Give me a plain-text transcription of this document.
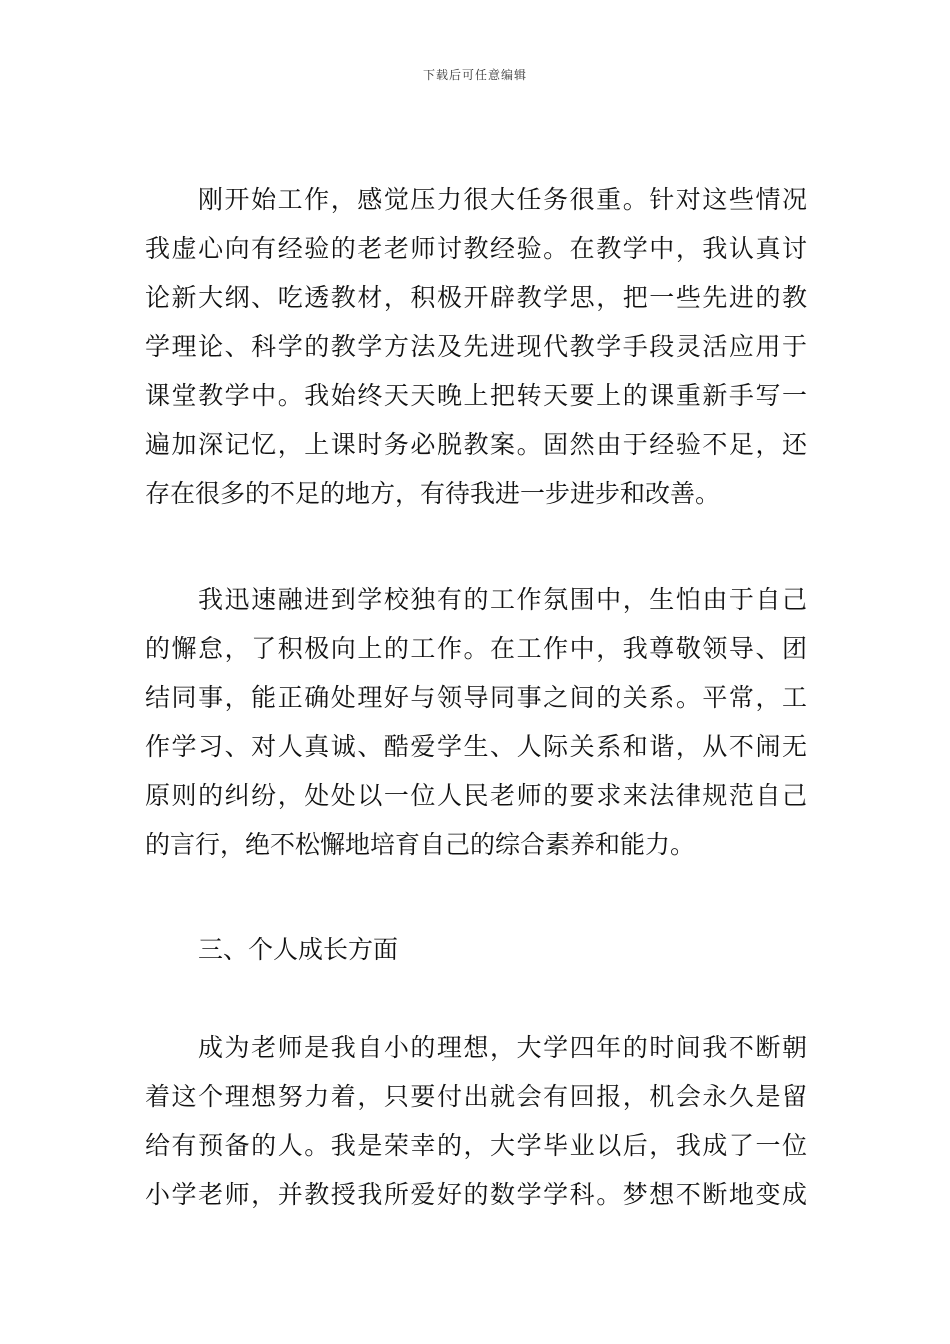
下载后可任意编辑
刚开始工作，感觉压力很大任务很重。针对这些情况
我虚心向有经验的老老师讨教经验。在教学中，我认真讨
论新大纲、吃透教材，积极开辟教学思，把一些先进的教
学理论、科学的教学方法及先进现代教学手段灵活应用于
课堂教学中。我始终天天晚上把转天要上的课重新手写一
遍加深记忆，上课时务必脱教案。固然由于经验不足，还
存在很多的不足的地方，有待我进一步进步和改善。
我迅速融进到学校独有的工作氛围中，生怕由于自己
的懈怠，了积极向上的工作。在工作中，我尊敬领导、团
结同事，能正确处理好与领导同事之间的关系。平常，工
作学习、对人真诚、酷爱学生、人际关系和谐，从不闹无
原则的纠纷，处处以一位人民老师的要求来法律规范自己
的言行，绝不松懈地培育自己的综合素养和能力。
三、个人成长方面
成为老师是我自小的理想，大学四年的时间我不断朝
着这个理想努力着，只要付出就会有回报，机会永久是留
给有预备的人。我是荣幸的，大学毕业以后，我成了一位
小学老师，并教授我所爱好的数学学科。梦想不断地变成
